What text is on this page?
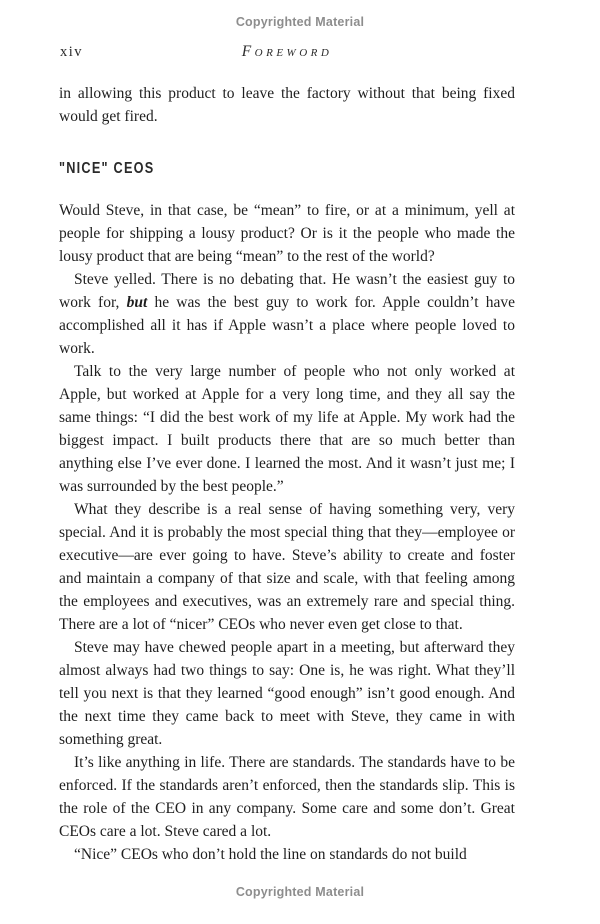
Copyrighted Material
xiv	Foreword

in allowing this product to leave the factory without that being fixed would get fired.

"NICE" CEOS

Would Steve, in that case, be “mean” to fire, or at a minimum, yell at people for shipping a lousy product? Or is it the people who made the lousy product that are being “mean” to the rest of the world?

Steve yelled. There is no debating that. He wasn’t the easiest guy to work for, but he was the best guy to work for. Apple couldn’t have accomplished all it has if Apple wasn’t a place where people loved to work.

Talk to the very large number of people who not only worked at Apple, but worked at Apple for a very long time, and they all say the same things: “I did the best work of my life at Apple. My work had the biggest impact. I built products there that are so much better than anything else I’ve ever done. I learned the most. And it wasn’t just me; I was surrounded by the best people.”

What they describe is a real sense of having something very, very special. And it is probably the most special thing that they—employee or executive—are ever going to have. Steve’s ability to create and foster and maintain a company of that size and scale, with that feeling among the employees and executives, was an extremely rare and special thing. There are a lot of “nicer” CEOs who never even get close to that.

Steve may have chewed people apart in a meeting, but afterward they almost always had two things to say: One is, he was right. What they’ll tell you next is that they learned “good enough” isn’t good enough. And the next time they came back to meet with Steve, they came in with something great.

It’s like anything in life. There are standards. The standards have to be enforced. If the standards aren’t enforced, then the standards slip. This is the role of the CEO in any company. Some care and some don’t. Great CEOs care a lot. Steve cared a lot.

“Nice” CEOs who don’t hold the line on standards do not build

Copyrighted Material
